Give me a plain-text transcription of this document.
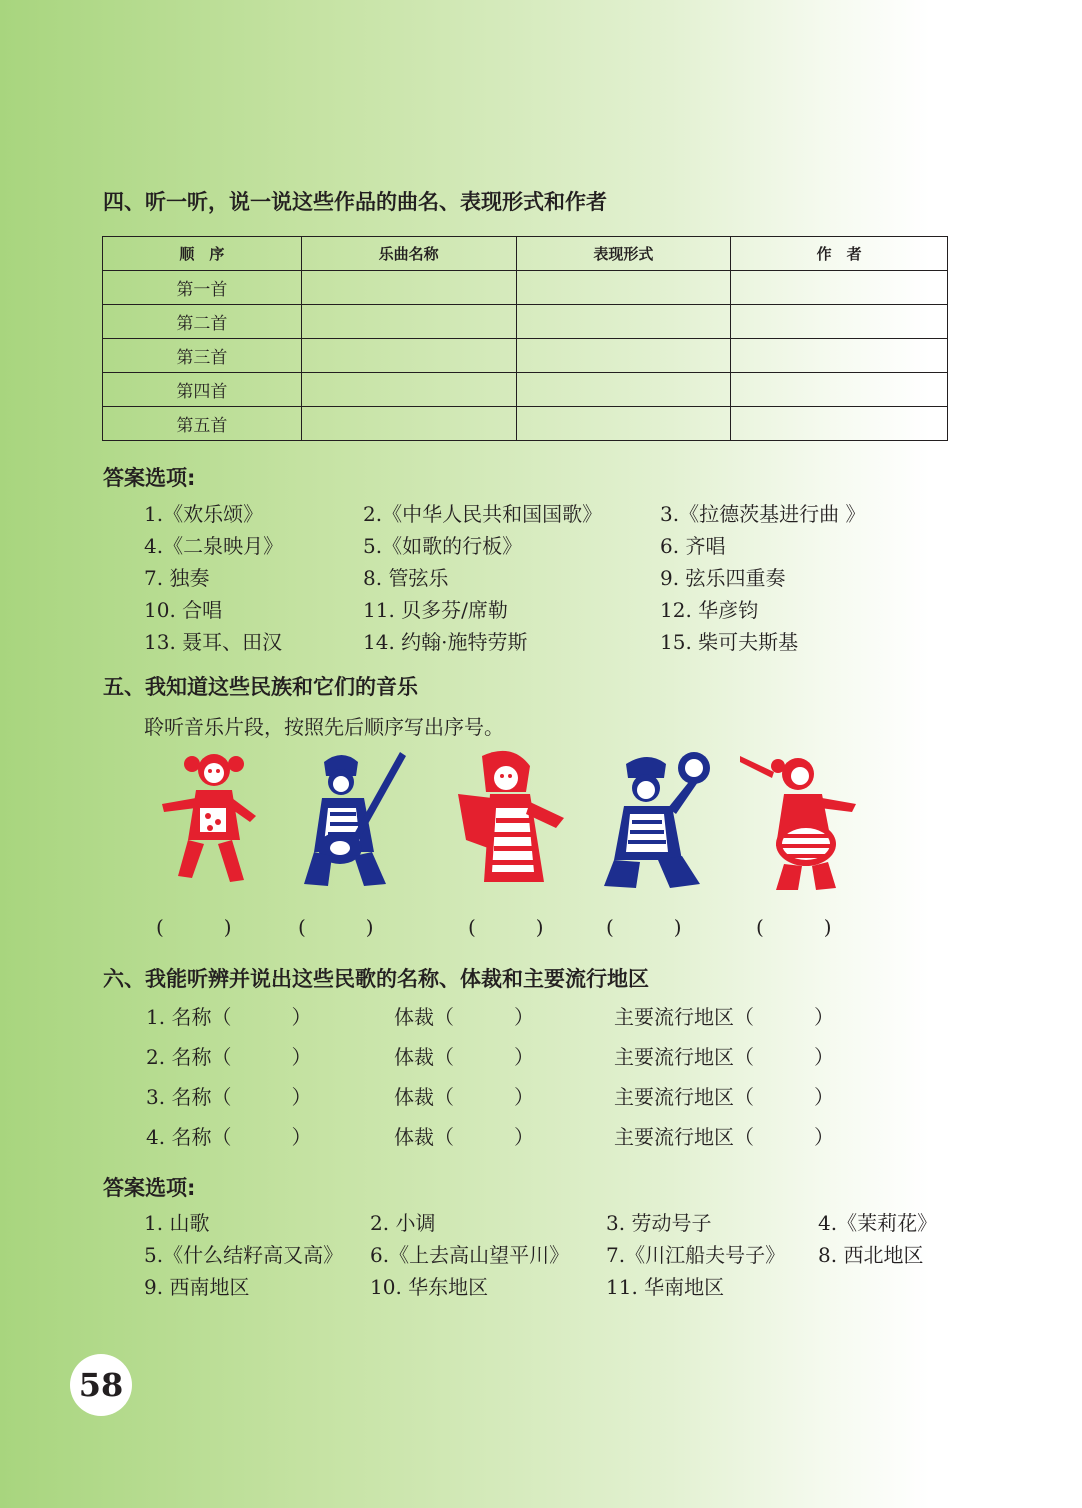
四、听一听，说一说这些作品的曲名、表现形式和作者
顺　序	乐曲名称	表现形式	作　者
第一首			
第二首			
第三首			
第四首			
第五首			
答案选项:
1.《欢乐颂》	2.《中华人民共和国国歌》	3.《拉德茨基进行曲 》
4.《二泉映月》	5.《如歌的行板》	6. 齐唱
7. 独奏	8. 管弦乐	9. 弦乐四重奏
10. 合唱	11. 贝多芬/席勒	12. 华彦钧
13. 聂耳、田汉	14. 约翰·施特劳斯	15. 柴可夫斯基
五、我知道这些民族和它们的音乐
聆听音乐片段，按照先后顺序写出序号。
(　　　)	(　　　)	(　　　)	(　　　)	(　　　)
六、我能听辨并说出这些民歌的名称、体裁和主要流行地区
1. 名称（　　　）	体裁（　　　）	主要流行地区（　　　）
2. 名称（　　　）	体裁（　　　）	主要流行地区（　　　）
3. 名称（　　　）	体裁（　　　）	主要流行地区（　　　）
4. 名称（　　　）	体裁（　　　）	主要流行地区（　　　）
答案选项:
1. 山歌	2. 小调	3. 劳动号子	4.《茉莉花》
5.《什么结籽高又高》 6.《上去高山望平川》 7.《川江船夫号子》 8. 西北地区
9. 西南地区	10. 华东地区	11. 华南地区
58
